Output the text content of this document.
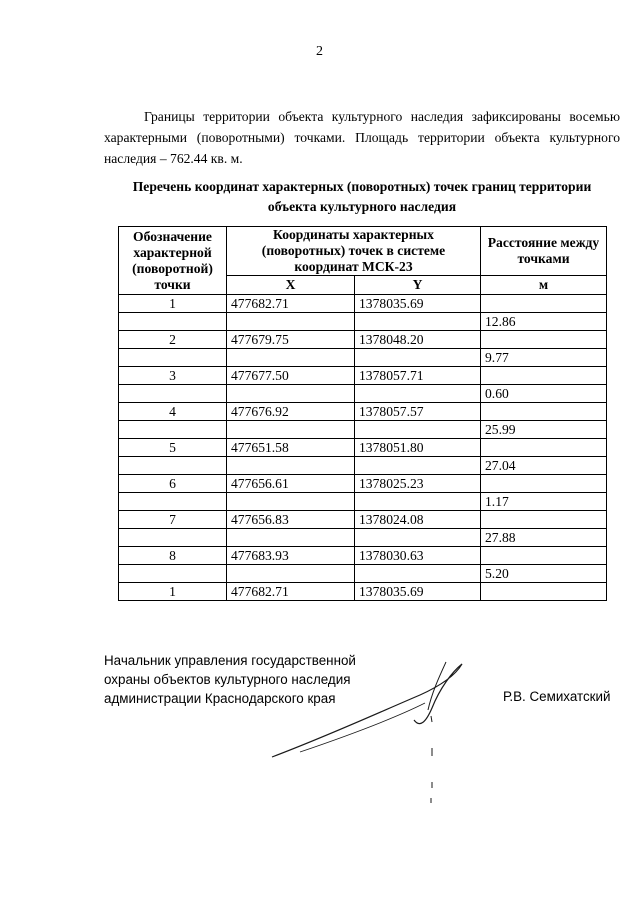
2
Границы территории объекта культурного наследия зафиксированы восемью
характерными (поворотными) точками. Площадь территории объекта культурного
наследия – 762.44 кв. м.
Перечень координат характерных (поворотных) точек границ территории
объекта культурного наследия
Обозначение характерной (поворотной) точки	Координаты характерных (поворотных) точек в системе координат МСК-23		Расстояние между точками
	X	Y	м
1	477682.71	1378035.69	
			12.86
2	477679.75	1378048.20	
			9.77
3	477677.50	1378057.71	
			0.60
4	477676.92	1378057.57	
			25.99
5	477651.58	1378051.80	
			27.04
6	477656.61	1378025.23	
			1.17
7	477656.83	1378024.08	
			27.88
8	477683.93	1378030.63	
			5.20
1	477682.71	1378035.69	
Начальник управления государственной
охраны объектов культурного наследия
администрации Краснодарского края	Р.В. Семихатский
